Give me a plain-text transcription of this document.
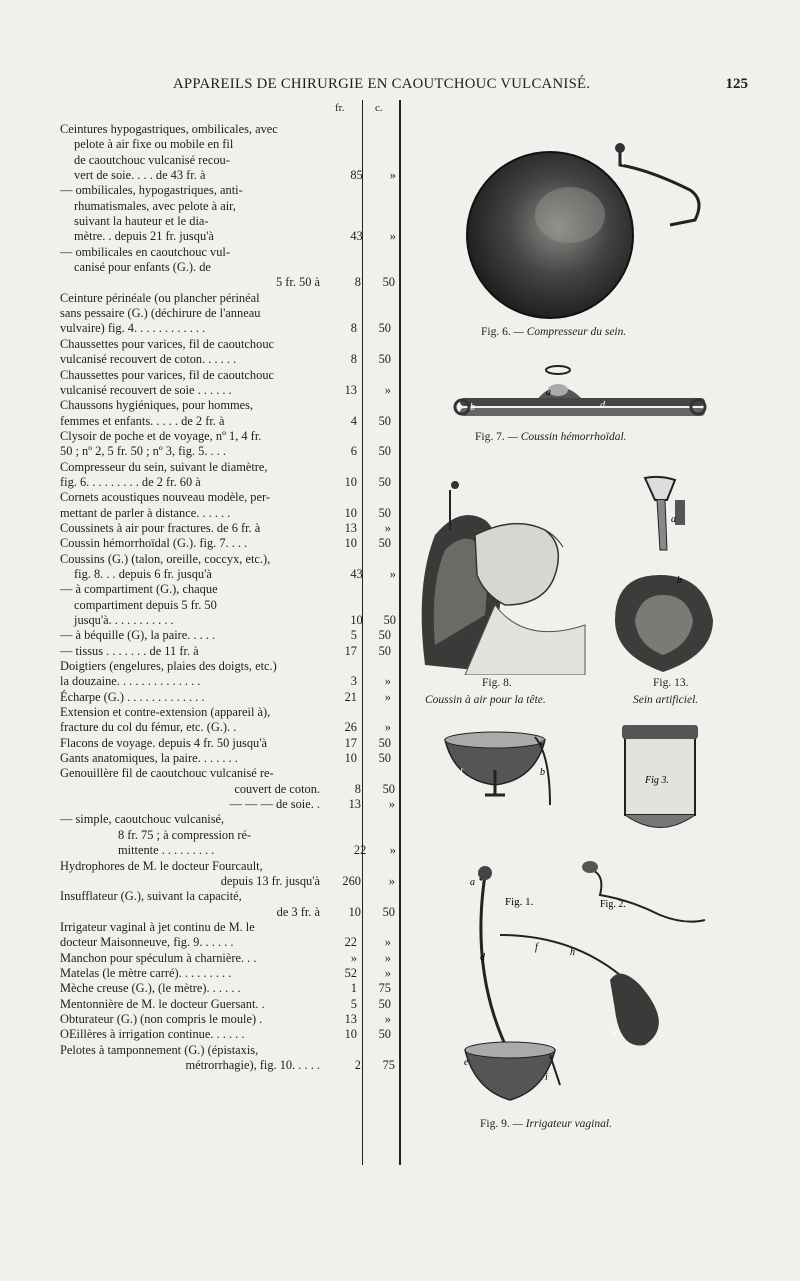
APPAREILS DE CHIRURGIE EN CAOUTCHOUC VULCANISÉ.	125
fr.	c.
Ceintures hypogastriques, ombilicales, avec
pelote à air fixe ou mobile en fil
de caoutchouc vulcanisé recou-
vert de soie. . . . de 43 fr. à	85	»
— ombilicales, hypogastriques, anti-
rhumatismales, avec pelote à air,
suivant la hauteur et le dia-
mètre. . depuis 21 fr. jusqu'à	43	»
— ombilicales en caoutchouc vul-
canisé pour enfants (G.). de
5 fr. 50 à	8	50
Ceinture périnéale (ou plancher périnéal
sans pessaire (G.) (déchirure de l'anneau
vulvaire) fig. 4. . . . . . . . . . . .	8	50
Chaussettes pour varices, fil de caoutchouc
vulcanisé recouvert de coton. . . . . .	8	50
Chaussettes pour varices, fil de caoutchouc
vulcanisé recouvert de soie . . . . . .	13	»
Chaussons hygiéniques, pour hommes,
femmes et enfants. . . . . de 2 fr. à	4	50
Clysoir de poche et de voyage, nº 1, 4 fr.
50 ; nº 2, 5 fr. 50 ; nº 3, fig. 5. . . .	6	50
Compresseur du sein, suivant le diamètre,
fig. 6. . . . . . . . . de 2 fr. 60 à	10	50
Cornets acoustiques nouveau modèle, per-
mettant de parler à distance. . . . . .	10	50
Coussinets à air pour fractures. de 6 fr. à	13	»
Coussin hémorrhoïdal (G.). fig. 7. . . .	10	50
Coussins (G.) (talon, oreille, coccyx, etc.),
fig. 8. . . depuis 6 fr. jusqu'à	43	»
— à compartiment (G.), chaque
compartiment depuis 5 fr. 50
jusqu'à. . . . . . . . . . .	10	50
— à béquille (G), la paire. . . . .	5	50
— tissus . . . . . . . de 11 fr. à	17	50
Doigtiers (engelures, plaies des doigts, etc.)
la douzaine. . . . . . . . . . . . . .	3	»
Écharpe (G.) . . . . . . . . . . . . .	21	»
Extension et contre-extension (appareil à),
fracture du col du fémur, etc. (G.). .	26	»
Flacons de voyage. depuis 4 fr. 50 jusqu'à	17	50
Gants anatomiques, la paire. . . . . . .	10	50
Genouillère fil de caoutchouc vulcanisé re-
couvert de coton.	8	50
— — — de soie. .	13	»
— simple, caoutchouc vulcanisé,
8 fr. 75 ; à compression ré-
mittente . . . . . . . . .	22	»
Hydrophores de M. le docteur Fourcault,
depuis 13 fr. jusqu'à	260	»
Insufflateur (G.), suivant la capacité,
de 3 fr. à	10	50
Irrigateur vaginal à jet continu de M. le
docteur Maisonneuve, fig. 9. . . . . .	22	»
Manchon pour spéculum à charnière. . .	»	»
Matelas (le mètre carré). . . . . . . . .	52	»
Mèche creuse (G.), (le mètre). . . . . .	1	75
Mentonnière de M. le docteur Guersant. .	5	50
Obturateur (G.) (non compris le moule) .	13	»
OEillères à irrigation continue. . . . . .	10	50
Pelotes à tamponnement (G.) (épistaxis,
métrorrhagie), fig. 10. . . . .	2	75
Fig. 6. — Compresseur du sein.
a
d
b
Fig. 7. — Coussin hémorrhoïdal.
Fig. 8.
Coussin à air pour la tête.
a
b
Fig. 13.
Sein artificiel.
l	b
Fig 3.
a
Fig. 1.
d
f	h
Fig. 2.
g
i
e
c
Fig. 9. — Irrigateur vaginal.
